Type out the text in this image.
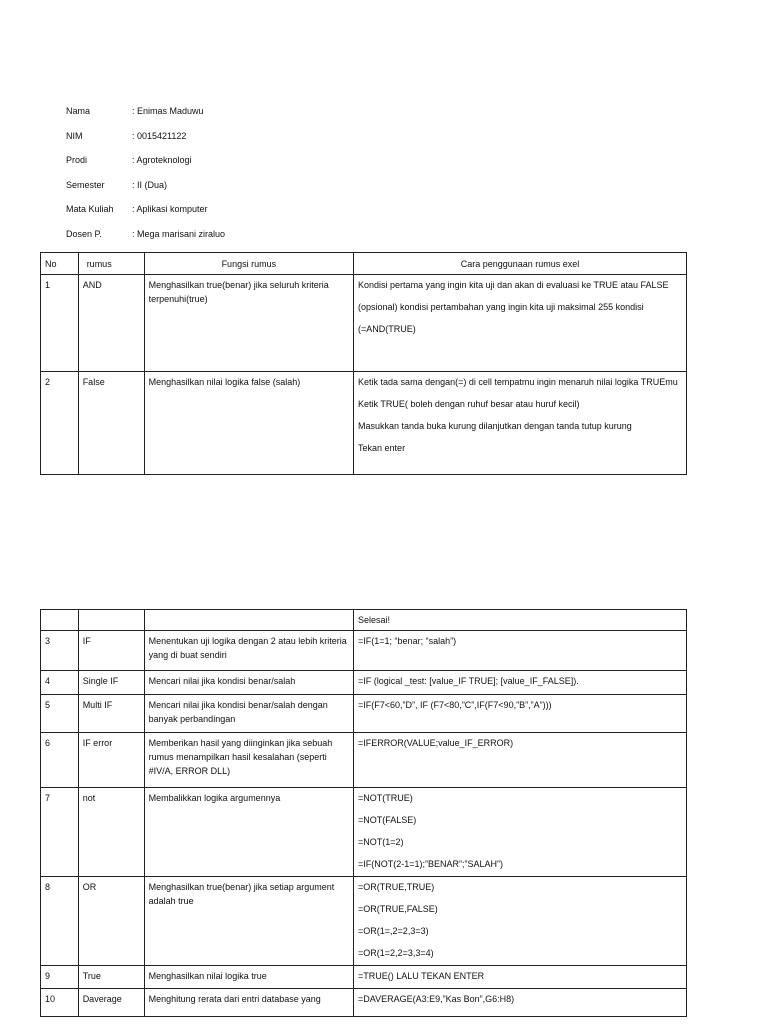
Nama	: Enimas Maduwu
NIM	: 0015421122
Prodi	: Agroteknologi
Semester	: II (Dua)
Mata Kuliah	: Aplikasi komputer
Dosen P.	: Mega marisani ziraluo
No	rumus	Fungsi rumus	Cara penggunaan rumus exel
1	AND	Menghasilkan true(benar) jika seluruh kriteria terpenuhi(true)	Kondisi pertama yang ingin kita uji dan akan di evaluasi ke TRUE atau FALSE
(opsional) kondisi pertambahan yang ingin kita uji maksimal 255 kondisi
(=AND(TRUE)

2	False	Menghasilkan nilai logika false (salah)	Ketik tada sama dengan(=) di cell tempatmu ingin menaruh nilai logika TRUEmu
Ketik TRUE( boleh dengan ruhuf besar atau huruf kecil)
Masukkan tanda buka kurung dilanjutkan dengan tanda tutup kurung
Tekan enter
			Selesai!
3	IF	Menentukan uji logika dengan 2 atau lebih kriteria yang di buat sendiri	=IF(1=1; “benar; “salah”)

4	Single IF	Mencari nilai jika kondisi benar/salah	=IF (logical _test: [value_IF TRUE]; [value_IF_FALSE]).

5	Multi IF	Mencari nilai jika kondisi benar/salah dengan banyak perbandingan	=IF(F7<60,”D”, IF (F7<80,”C”,IF(F7<90,”B”,”A”)))

6	IF error	Memberikan hasil yang diinginkan jika sebuah rumus menampilkan hasil kesalahan (seperti #IV/A, ERROR DLL)	=IFERROR(VALUE;value_IF_ERROR)

7	not	Membalikkan logika argumennya	=NOT(TRUE)
=NOT(FALSE)
=NOT(1=2)
=IF(NOT(2-1=1);”BENAR”;”SALAH”)

8	OR	Menghasilkan true(benar) jika setiap argument adalah true	=OR(TRUE,TRUE)
=OR(TRUE,FALSE)
=OR(1=,2=2,3=3)
=OR(1=2,2=3,3=4)

9	True	Menghasilkan nilai logika true	=TRUE() LALU TEKAN ENTER

10	Daverage	Menghitung rerata dari entri database yang	=DAVERAGE(A3:E9,”Kas Bon”,G6:H8)
